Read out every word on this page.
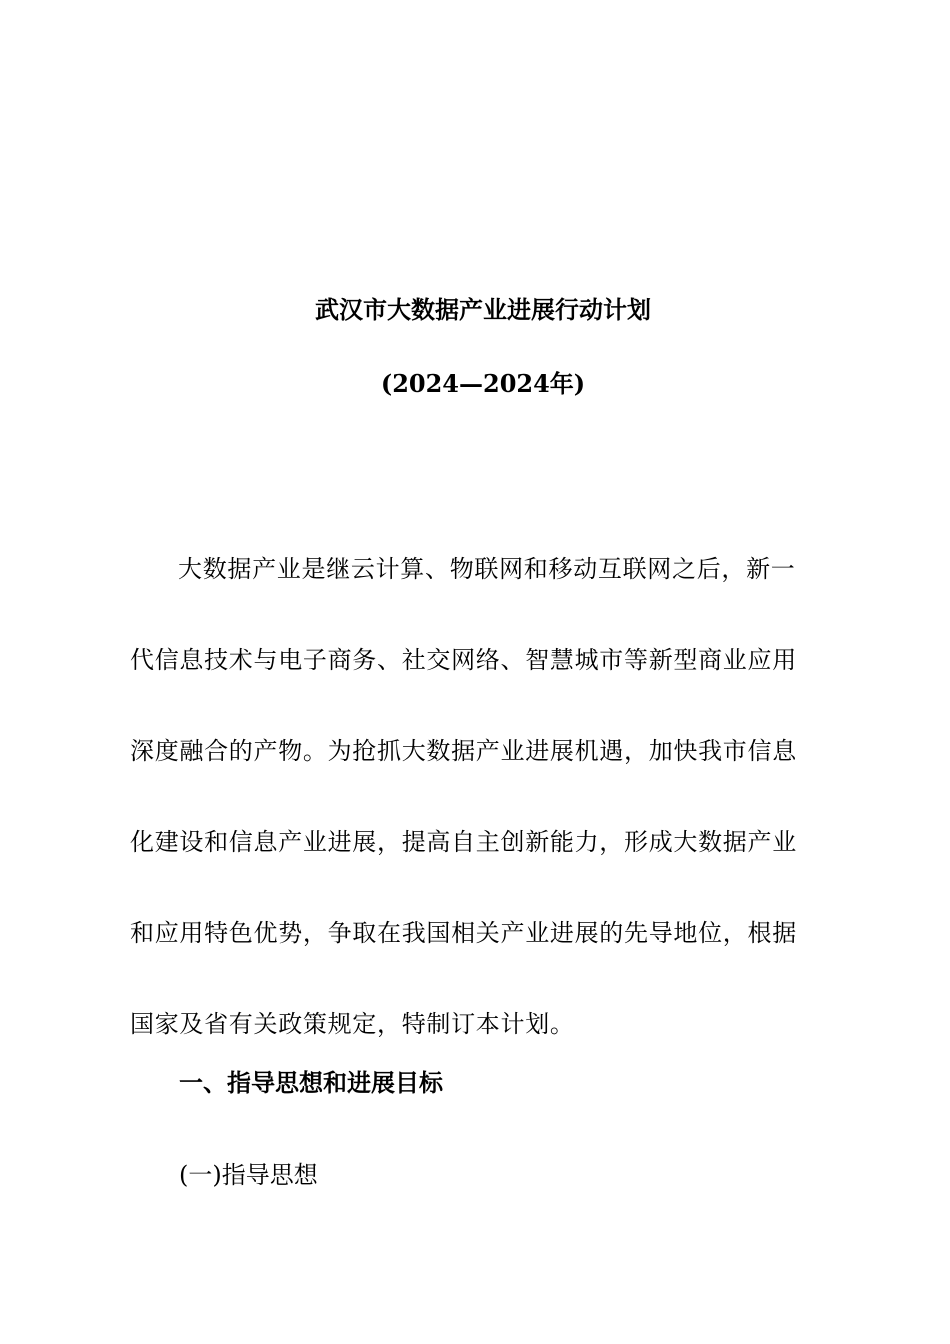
武汉市大数据产业进展行动计划
(2024—2024年)
大数据产业是继云计算、物联网和移动互联网之后，新一
代信息技术与电子商务、社交网络、智慧城市等新型商业应用
深度融合的产物。为抢抓大数据产业进展机遇，加快我市信息
化建设和信息产业进展，提高自主创新能力，形成大数据产业
和应用特色优势，争取在我国相关产业进展的先导地位，根据
国家及省有关政策规定，特制订本计划。
一、指导思想和进展目标
(一)指导思想
